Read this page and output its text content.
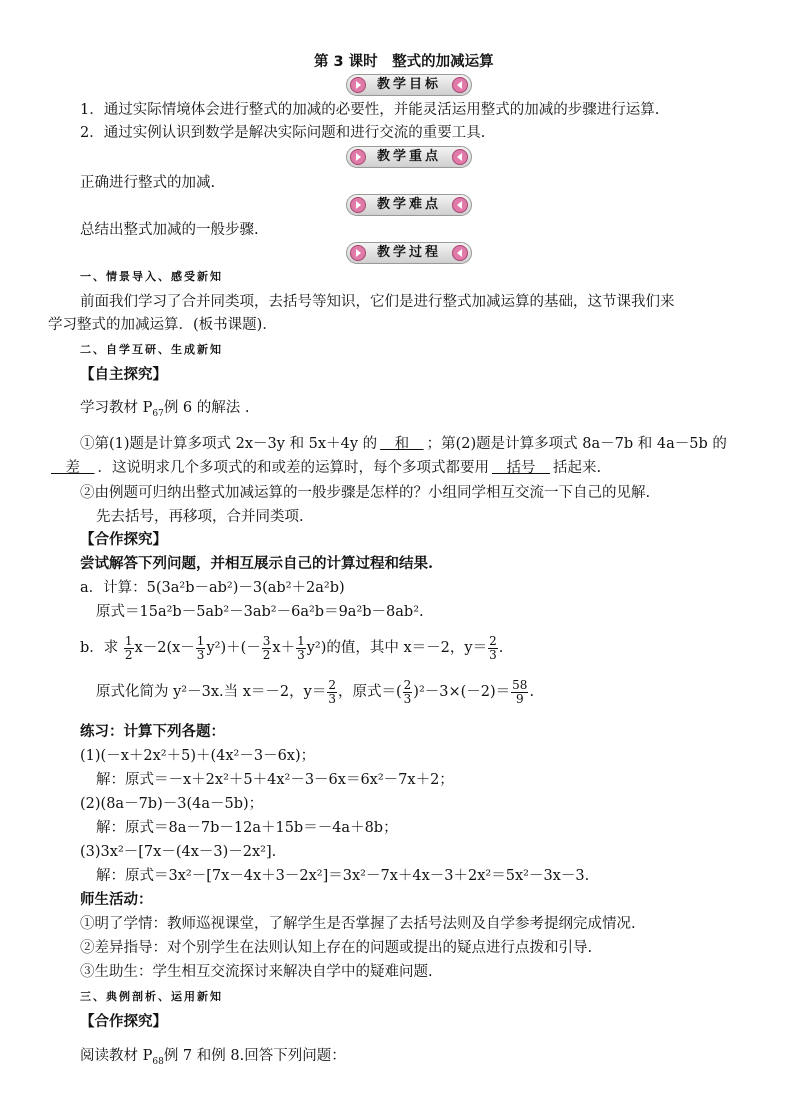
第 3 课时　整式的加减运算
教学目标
1．通过实际情境体会进行整式的加减的必要性，并能灵活运用整式的加减的步骤进行运算.
2．通过实例认识到数学是解决实际问题和进行交流的重要工具.
教学重点
正确进行整式的加减.
教学难点
总结出整式加减的一般步骤.
教学过程
一、情景导入、感受新知
前面我们学习了合并同类项，去括号等知识，它们是进行整式加减运算的基础，这节课我们来
学习整式的加减运算．(板书课题)．
二、自学互研、生成新知
【自主探究】
学习教材 $P_{67}$例 6 的解法 .
①第(1)题是计算多项式 2x－3y 和 5x＋4y 的　和　；第(2)题是计算多项式 8a－7b 和 4a－5b 的
　差　．这说明求几个多项式的和或差的运算时，每个多项式都要用　括号　括起来.
②由例题可归纳出整式加减运算的一般步骤是怎样的？小组同学相互交流一下自己的见解.
先去括号，再移项，合并同类项.
【合作探究】
尝试解答下列问题，并相互展示自己的计算过程和结果.
a．计算：5(3a²b－ab²)－3(ab²＋2a²b)
原式＝15a²b－5ab²－3ab²－6a²b＝9a²b－8ab².
b．求 $\frac{1}{2} x-2(x- \frac{1}{3} y^2)+(- \frac{3}{2} x+ \frac{1}{3} y^2)$的值，其中 x＝－2，$y= \frac{2}{3}$ .
原式化简为 y²－3x.当 x＝－2，$y= \frac{2}{3}$ ，原式＝( $\frac{2}{3} )^2-3\times(-2)= \frac{58}{9}$ .
练习：计算下列各题：
(1)(－x＋2x²＋5)＋(4x²－3－6x)；
解：原式＝－x＋2x²＋5＋4x²－3－6x＝6x²－7x＋2；
(2)(8a－7b)－3(4a－5b)；
解：原式＝8a－7b－12a＋15b＝－4a＋8b；
(3)3x²－[7x－(4x－3)－2x²].
解：原式＝3x²－[7x－4x＋3－2x²]＝3x²－7x＋4x－3＋2x²＝5x²－3x－3.
师生活动：
①明了学情：教师巡视课堂，了解学生是否掌握了去括号法则及自学参考提纲完成情况.
②差异指导：对个别学生在法则认知上存在的问题或提出的疑点进行点拨和引导.
③生助生：学生相互交流探讨来解决自学中的疑难问题.
三、典例剖析、运用新知
【合作探究】
阅读教材 $P_{68}$例 7 和例 8.回答下列问题：
